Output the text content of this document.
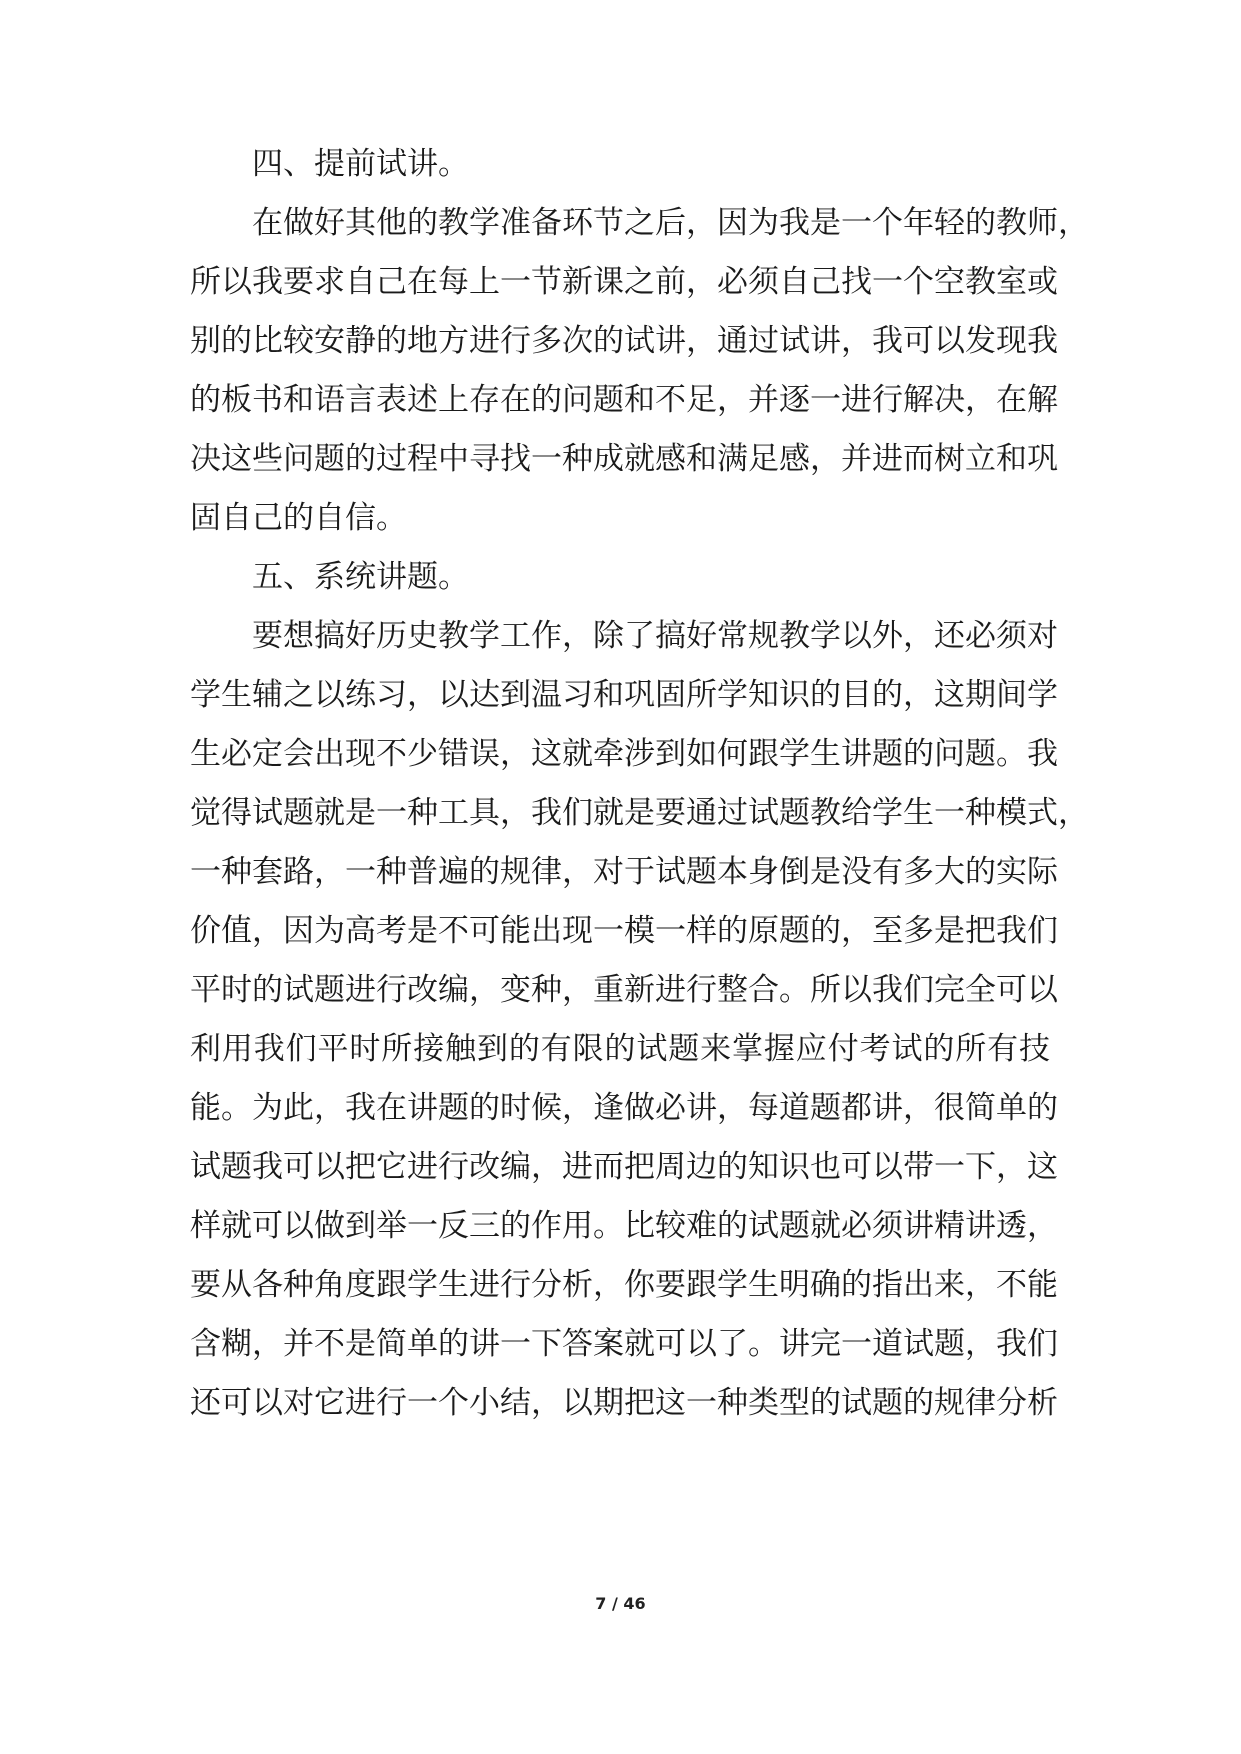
四、提前试讲。
在做好其他的教学准备环节之后，因为我是一个年轻的教师，
所以我要求自己在每上一节新课之前，必须自己找一个空教室或
别的比较安静的地方进行多次的试讲，通过试讲，我可以发现我
的板书和语言表述上存在的问题和不足，并逐一进行解决，在解
决这些问题的过程中寻找一种成就感和满足感，并进而树立和巩
固自己的自信。
五、系统讲题。
要想搞好历史教学工作，除了搞好常规教学以外，还必须对
学生辅之以练习，以达到温习和巩固所学知识的目的，这期间学
生必定会出现不少错误，这就牵涉到如何跟学生讲题的问题。我
觉得试题就是一种工具，我们就是要通过试题教给学生一种模式，
一种套路，一种普遍的规律，对于试题本身倒是没有多大的实际
价值，因为高考是不可能出现一模一样的原题的，至多是把我们
平时的试题进行改编，变种，重新进行整合。所以我们完全可以
利用我们平时所接触到的有限的试题来掌握应付考试的所有技
能。为此，我在讲题的时候，逢做必讲，每道题都讲，很简单的
试题我可以把它进行改编，进而把周边的知识也可以带一下，这
样就可以做到举一反三的作用。比较难的试题就必须讲精讲透，
要从各种角度跟学生进行分析，你要跟学生明确的指出来，不能
含糊，并不是简单的讲一下答案就可以了。讲完一道试题，我们
还可以对它进行一个小结，以期把这一种类型的试题的规律分析
7 / 46
